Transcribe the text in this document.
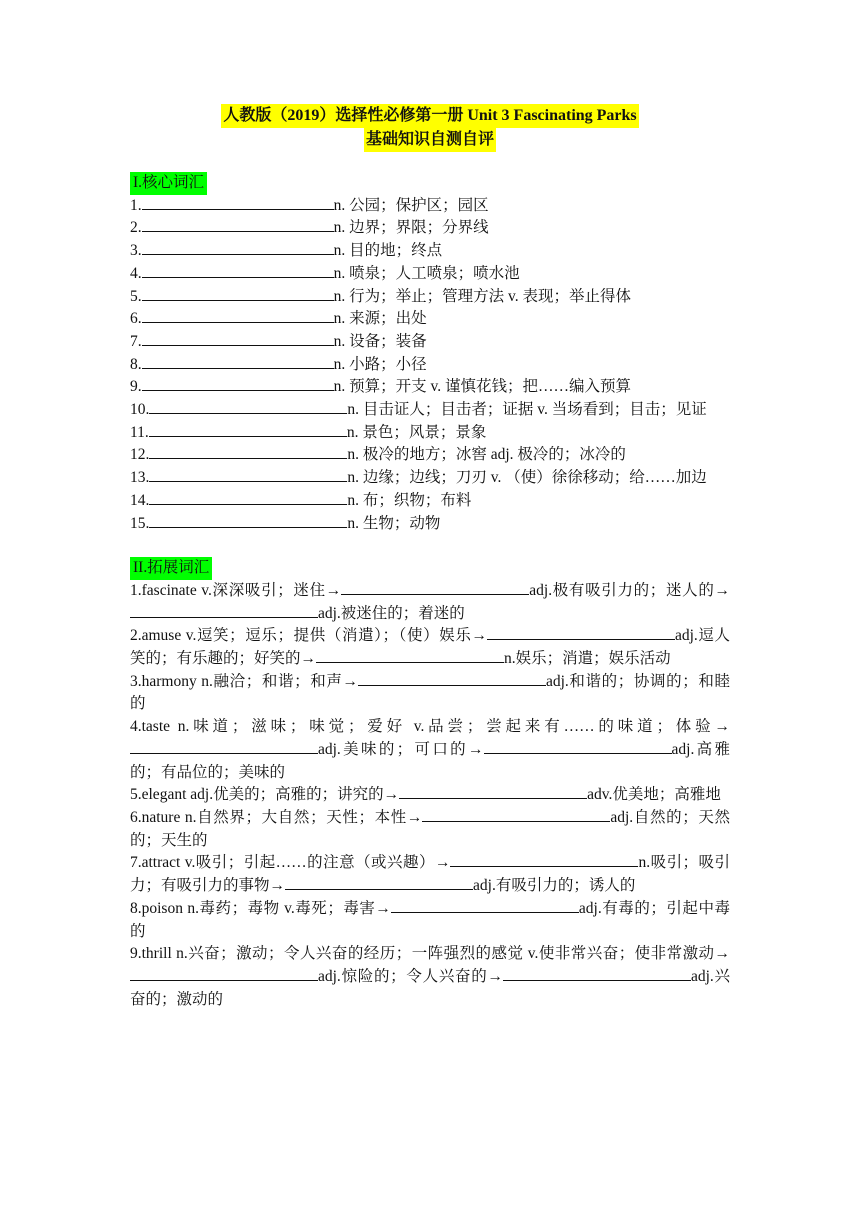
人教版（2019）选择性必修第一册 Unit 3 Fascinating Parks
基础知识自测自评
I.核心词汇
1.	n. 公园；保护区；园区
2.	n. 边界；界限；分界线
3.	n. 目的地；终点
4.	n. 喷泉；人工喷泉；喷水池
5.	n. 行为；举止；管理方法 v. 表现；举止得体
6.	n. 来源；出处
7.	n. 设备；装备
8.	n. 小路；小径
9.	n. 预算；开支 v. 谨慎花钱；把……编入预算
10.	n. 目击证人；目击者；证据 v. 当场看到；目击；见证
11.	n. 景色；风景；景象
12.	n. 极冷的地方；冰窖 adj. 极冷的；冰冷的
13.	n. 边缘；边线；刀刃 v. （使）徐徐移动；给……加边
14.	n. 布；织物；布料
15.	n. 生物；动物
II.拓展词汇
1.fascinate v.深深吸引；迷住→	adj.极有吸引力的；迷人的→adj.被迷住的；着迷的
2.amuse v.逗笑；逗乐；提供（消遣）；（使）娱乐→	adj.逗人笑的；有乐趣的；好笑的→	n.娱乐；消遣；娱乐活动
3.harmony n.融洽；和谐；和声→	adj.和谐的；协调的；和睦的
4.taste n.味道；滋味；味觉；爱好 v.品尝；尝起来有……的味道；体验→adj.美味的；可口的→	adj.高雅的；有品位的；美味的
5.elegant adj.优美的；高雅的；讲究的→	adv.优美地；高雅地
6.nature n.自然界；大自然；天性；本性→	adj.自然的；天然的；天生的
7.attract v.吸引；引起……的注意（或兴趣）→	n.吸引；吸引力；有吸引力的事物→	adj.有吸引力的；诱人的
8.poison n.毒药；毒物 v.毒死；毒害→	adj.有毒的；引起中毒的
9.thrill n.兴奋；激动；令人兴奋的经历；一阵强烈的感觉 v.使非常兴奋；使非常激动→adj.惊险的；令人兴奋的→	adj.兴奋的；激动的
